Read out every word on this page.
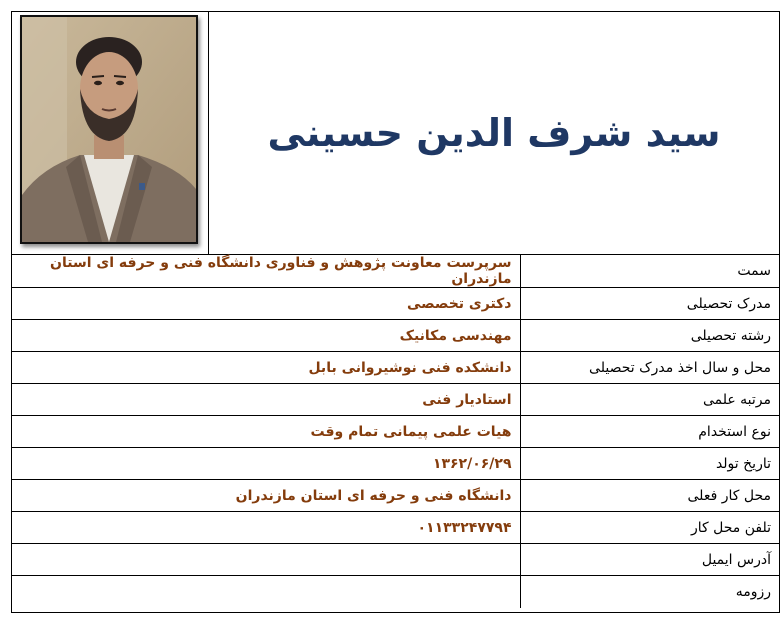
سید شرف الدین حسینی
سمت	سرپرست معاونت پژوهش و فناوری دانشگاه فنی و حرفه ای استان مازندران
مدرک تحصیلی	دکتری تخصصی
رشته تحصیلی	مهندسی مکانیک
محل و سال اخذ مدرک تحصیلی	دانشکده فنی نوشیروانی بابل
مرتبه علمی	استادیار فنی
نوع استخدام	هیات علمی پیمانی تمام وقت
تاریخ تولد	۱۳۶۲/۰۶/۲۹
محل کار فعلی	دانشگاه فنی و حرفه ای استان مازندران
تلفن محل کار	۰۱۱۳۳۲۴۷۷۹۴
آدرس ایمیل	
رزومه	
